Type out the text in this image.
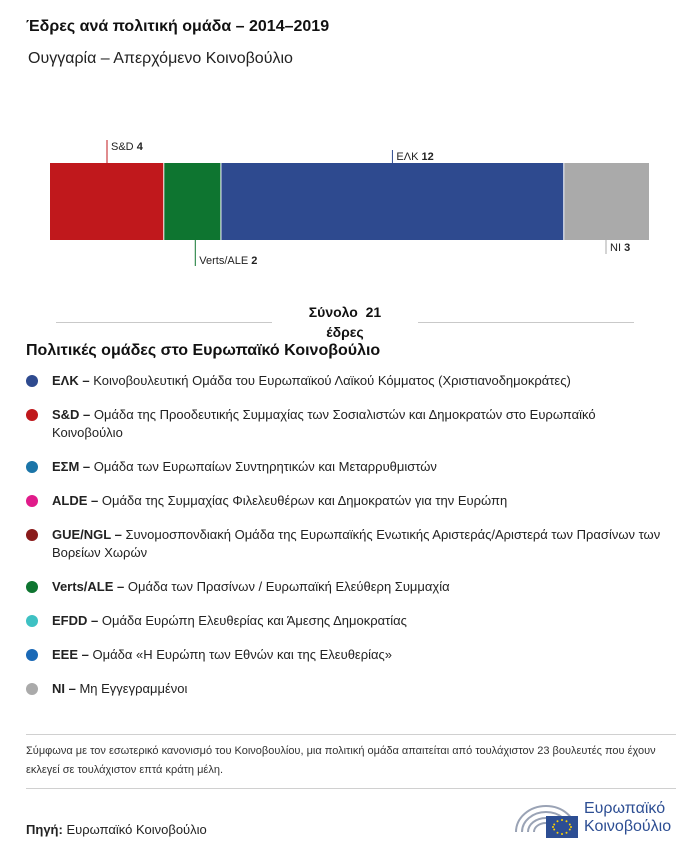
Έδρες ανά πολιτική ομάδα – 2014–2019
Ουγγαρία – Απερχόμενο Κοινοβούλιο
S&D 4
Verts/ALE 2
ΕΛΚ 12
NI 3
Σύνολο 21
έδρες
Πολιτικές ομάδες στο Ευρωπαϊκό Κοινοβούλιο
ΕΛΚ – Κοινοβουλευτική Ομάδα του Ευρωπαϊκού Λαϊκού Κόμματος (Χριστιανοδημοκράτες)
S&D – Ομάδα της Προοδευτικής Συμμαχίας των Σοσιαλιστών και Δημοκρατών στο Ευρωπαϊκό Κοινοβούλιο
ΕΣΜ – Ομάδα των Ευρωπαίων Συντηρητικών και Μεταρρυθμιστών
ALDE – Ομάδα της Συμμαχίας Φιλελευθέρων και Δημοκρατών για την Ευρώπη
GUE/NGL – Συνομοσπονδιακή Ομάδα της Ευρωπαϊκής Ενωτικής Αριστεράς/Αριστερά των Πρασίνων των Βορείων Χωρών
Verts/ALE – Ομάδα των Πρασίνων / Ευρωπαϊκή Ελεύθερη Συμμαχία
EFDD – Ομάδα Ευρώπη Ελευθερίας και Άμεσης Δημοκρατίας
ΕΕΕ – Ομάδα «Η Ευρώπη των Εθνών και της Ελευθερίας»
NI – Μη Εγγεγραμμένοι
Σύμφωνα με τον εσωτερικό κανονισμό του Κοινοβουλίου, μια πολιτική ομάδα απαιτείται από τουλάχιστον 23 βουλευτές που έχουν εκλεγεί σε τουλάχιστον επτά κράτη μέλη.
Πηγή: Ευρωπαϊκό Κοινοβούλιο
Ευρωπαϊκό
Κοινοβούλιο
